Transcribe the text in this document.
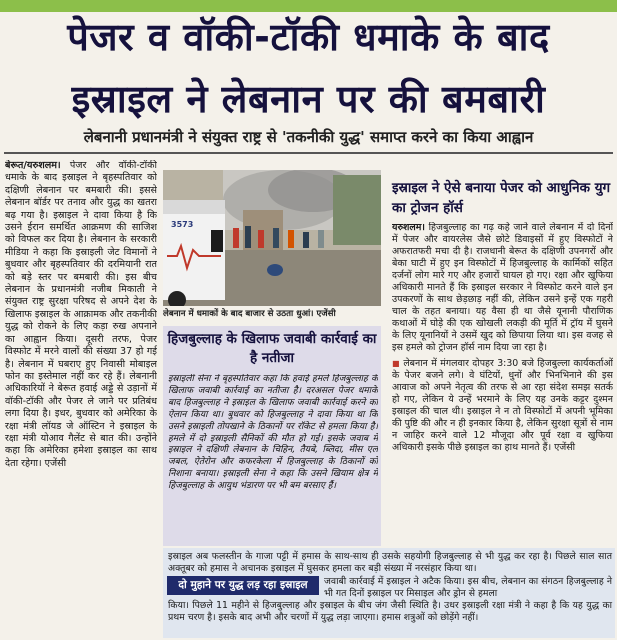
पेजर व वॉकी-टॉकी धमाके के बाद
इस्राइल ने लेबनान पर की बमबारी
लेबनानी प्रधानमंत्री ने संयुक्त राष्ट्र से 'तकनीकी युद्ध' समाप्त करने का किया आह्वान
बेरूत/यरुशलम। पेजर और वॉकी-टॉकी धमाके के बाद इस्राइल ने बृहस्पतिवार को दक्षिणी लेबनान पर बमबारी की। इससे लेबनान बॉर्डर पर तनाव और युद्ध का खतरा बढ़ गया है। इस्राइल ने दावा किया है कि उसने ईरान समर्थित आक्रमण की साजिश को विफल कर दिया है। लेबनान के सरकारी मीडिया ने कहा कि इस्राइली जेट विमानों ने बुधवार और बृहस्पतिवार की दरमियानी रात को बड़े स्तर पर बमबारी की। इस बीच लेबनान के प्रधानमंत्री नजीब मिकाती ने संयुक्त राष्ट्र सुरक्षा परिषद से अपने देश के खिलाफ इस्राइल के आक्रामक और तकनीकी युद्ध को रोकने के लिए कड़ा रुख अपनाने का आह्वान किया। दूसरी तरफ, पेजर विस्फोट में मरने वालों की संख्या 37 हो गई है। लेबनान में घबराए हुए निवासी मोबाइल फोन का इस्तेमाल नहीं कर रहे हैं। लेबनानी अधिकारियों ने बेरूत हवाई अड्डे से उड़ानों में वॉकी-टॉकी और पेजर ले जाने पर प्रतिबंध लगा दिया है। इधर, बुधवार को अमेरिका के रक्षा मंत्री लॉयड जे ऑस्टिन ने इस्राइल के रक्षा मंत्री योआव गैलेंट से बात की। उन्होंने कहा कि अमेरिका हमेशा इस्राइल का साथ देता रहेगा। एजेंसी
3573
लेबनान में धमाकों के बाद बाजार से उठता धुआं। एजेंसी
हिजबुल्लाह के खिलाफ जवाबी कार्रवाई का है नतीजा
इस्राइली सेना ने बृहस्पतिवार कहा कि हवाई हमले हिजबुल्लाह के खिलाफ जवाबी कार्रवाई का नतीजा है। दरअसल पेजर धमाके बाद हिजबुल्लाह ने इस्राइल के खिलाफ जवाबी कार्रवाई करने का ऐलान किया था। बुधवार को हिजबुल्लाह ने दावा किया था कि उसने इस्राइली तोपखाने के ठिकानों पर रॉकेट से हमला किया है। हमले में दो इस्राइली सैनिकों की मौत हो गई। इसके जवाब में इस्राइल ने दक्षिणी लेबनान के चिहिन, तैयबे, ब्लिदा, मीस एल जबल, ऐतेरोन और कफरकेला में हिजबुल्लाह के ठिकानों को निशाना बनाया। इस्राइली सेना ने कहा कि उसने खियाम क्षेत्र में हिजबुल्लाह के आयुध भंडारण पर भी बम बरसाए हैं।
इस्राइल ने ऐसे बनाया पेजर को आधुनिक युग का ट्रोजन हॉर्स
यरुशलम। हिजबुल्लाह का गढ़ कहे जाने वाले लेबनान में दो दिनों में पेजर और वायरलेस जैसे छोटे डिवाइसों में हुए विस्फोटों ने अफरातफरी मचा दी है। राजधानी बेरूत के दक्षिणी उपनगरों और बेका घाटी में हुए इन विस्फोटों में हिजबुल्लाह के कार्मिकों सहित दर्जनों लोग मारे गए और हजारों घायल हो गए। रक्षा और खुफिया अधिकारी मानते हैं कि इस्राइल सरकार ने विस्फोट करने वाले इन उपकरणों के साथ छेड़छाड़ नहीं की, लेकिन उसने इन्हें एक गहरी चाल के तहत बनाया। यह वैसा ही था जैसे यूनानी पौराणिक कथाओं में घोड़े की एक खोखली लकड़ी की मूर्ति में ट्रॉय में घुसने के लिए यूनानियों ने उसमें खुद को छिपाया लिया था। इस वजह से इस हमले को ट्रोजन हॉर्स नाम दिया जा रहा है।
■ लेबनान में मंगलवार दोपहर 3:30 बजे हिजबुल्ला कार्यकर्ताओं के पेजर बजने लगे। वे घंटियों, धुनों और भिनभिनाने की इस आवाज को अपने नेतृत्व की तरफ से आ रहा संदेश समझ सतर्क हो गए, लेकिन ये उन्हें भरमाने के लिए यह उनके कट्टर दुश्मन इस्राइल की चाल थी। इस्राइल ने न तो विस्फोटों में अपनी भूमिका की पुष्टि की और न ही इनकार किया है, लेकिन सुरक्षा सूत्रों से नाम न जाहिर करने वाले 12 मौजूदा और पूर्व रक्षा व खुफिया अधिकारी इसके पीछे इस्राइल का हाथ मानते हैं। एजेंसी
इस्राइल अब फलस्तीन के गाजा पट्टी में हमास के साथ-साथ ही उसके सहयोगी हिजबुल्लाह से भी युद्ध कर रहा है। पिछले साल सात अक्तूबर को हमास ने अचानक इस्राइल में घुसकर हमला कर बड़ी संख्या में नरसंहार किया था।
दो मुहाने पर युद्ध लड़ रहा इस्राइल	जवाबी कार्रवाई में इस्राइल ने अटैक किया। इस बीच, लेबनान का संगठन हिजबुल्लाह ने भी गत दिनों इस्राइल पर मिसाइल और ड्रोन से हमला
किया। पिछले 11 महीने से हिजबुल्लाह और इस्राइल के बीच जंग जैसी स्थिति है। उधर इस्राइली रक्षा मंत्री ने कहा है कि यह युद्ध का प्रथम चरण है। इसके बाद अभी और चरणों में युद्ध लड़ा जाएगा। हमास शत्रुओं को छोड़ेंगे नहीं।
